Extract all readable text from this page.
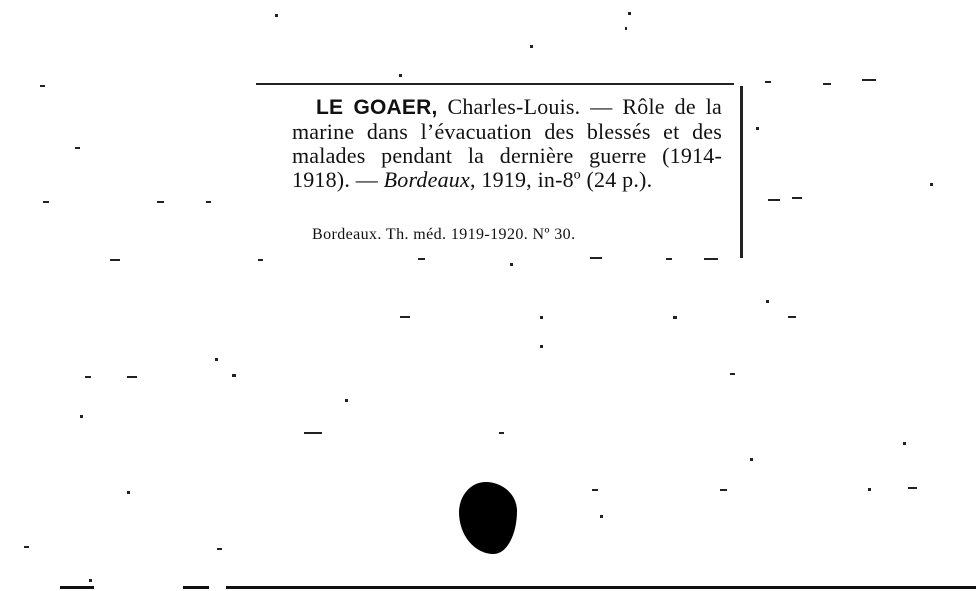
LE GOAER, Charles-Louis. — Rôle de la marine dans l’évacuation des blessés et des malades pendant la dernière guerre (1914-1918). — Bordeaux, 1919, in-8º (24 p.).

Bordeaux. Th. méd. 1919-1920. Nº 30.
